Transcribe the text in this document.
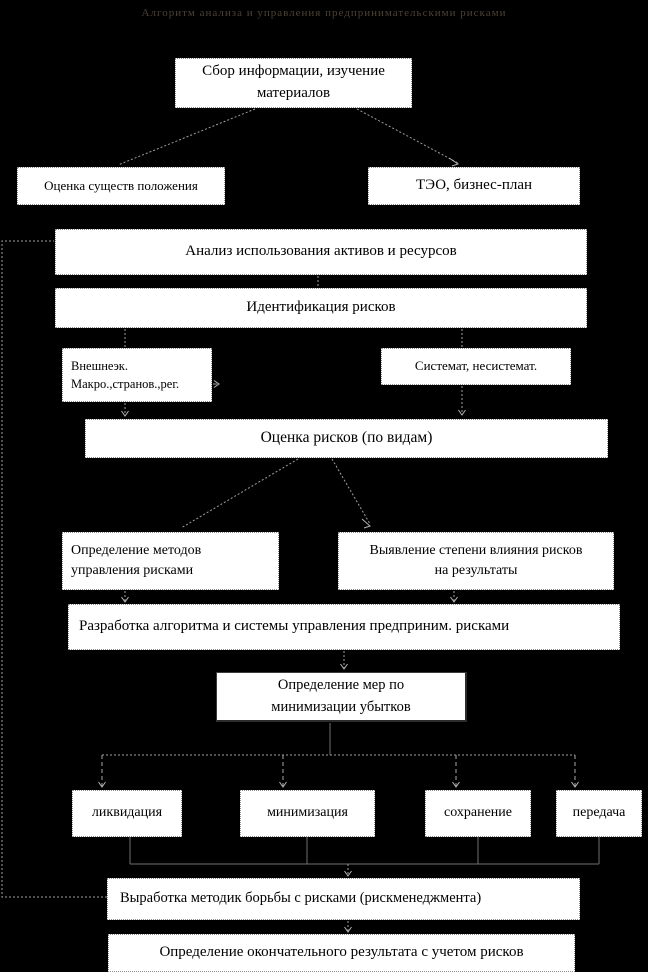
Алгоритм анализа и управления предпринимательскими рисками
Сбор информации, изучение
материалов
Оценка существ положения	ТЭО, бизнес-план
Анализ использования активов и ресурсов
Идентификация рисков
Внешнеэк.
Макро.,странов.,рег.
Системат, несистемат.
Оценка рисков (по видам)
Определение методов
управления рисками
Выявление степени влияния рисков
на результаты
Разработка алгоритма и системы управления предприним. рисками
Определение мер по
минимизации убытков
ликвидация	минимизация	сохранение	передача
Выработка методик борьбы с рисками (рискменеджмента)
Определение окончательного результата с учетом рисков
